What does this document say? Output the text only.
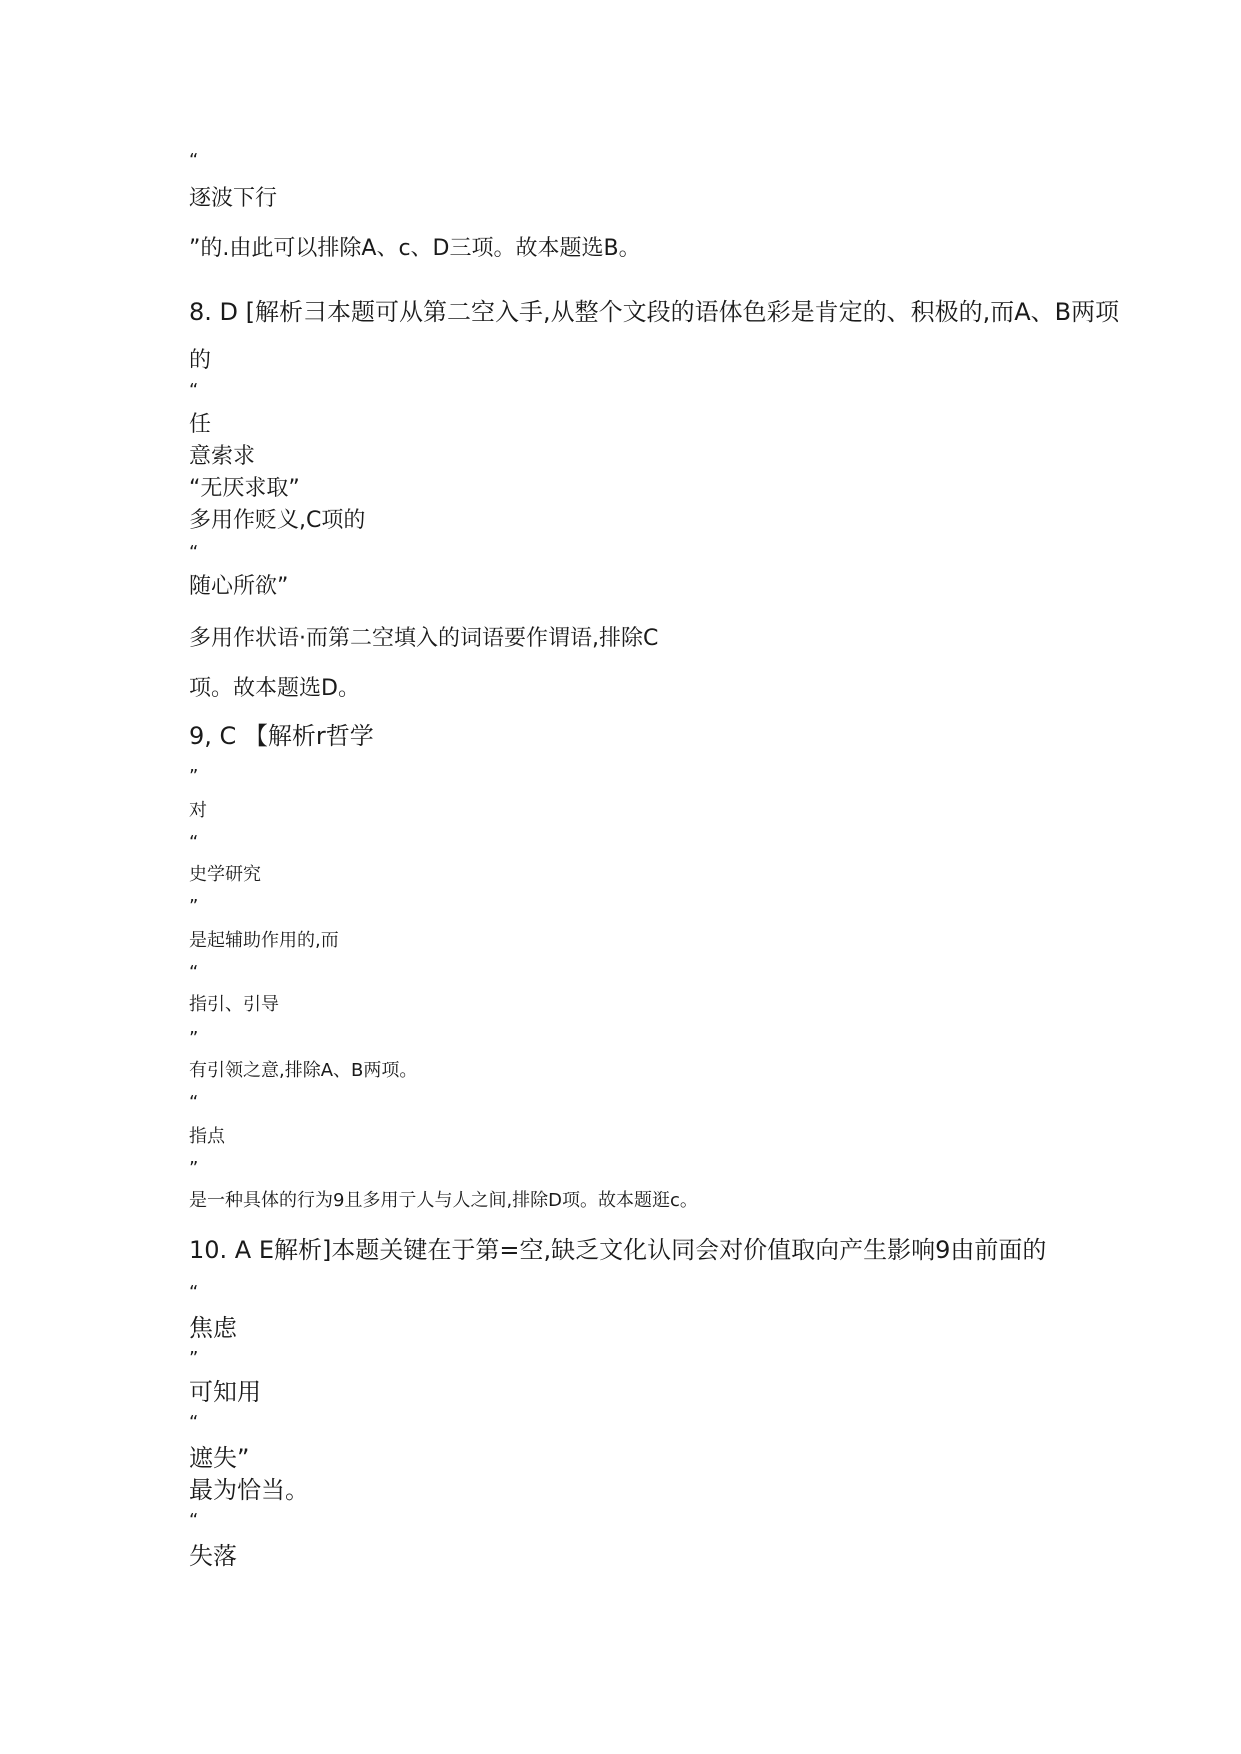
“
逐波下行
”的.由此可以排除A、c、D三项。故本题选B。
8. D [解析彐本题可从第二空入手,从整个文段的语体色彩是肯定的、积极的,而A、B两项
的
“
任
意索求
“无厌求取”
多用作贬义,C项的
“
随心所欲”
多用作状语·而第二空填入的词语要作谓语,排除C
项。故本题选D。
9, C 【解析r哲学
”
对
“
史学研究
”
是起辅助作用的,而
“
指引、引导
”
有引领之意,排除A、B两项。
“
指点
”
是一种具体的行为9且多用亍人与人之间,排除D项。故本题逛c。
10. A E解析]本题关键在于第=空,缺乏文化认同会对价值取向产生影响9由前面的
“
焦虑
”
可知用
“
遮失”
最为恰当。
“
失落
